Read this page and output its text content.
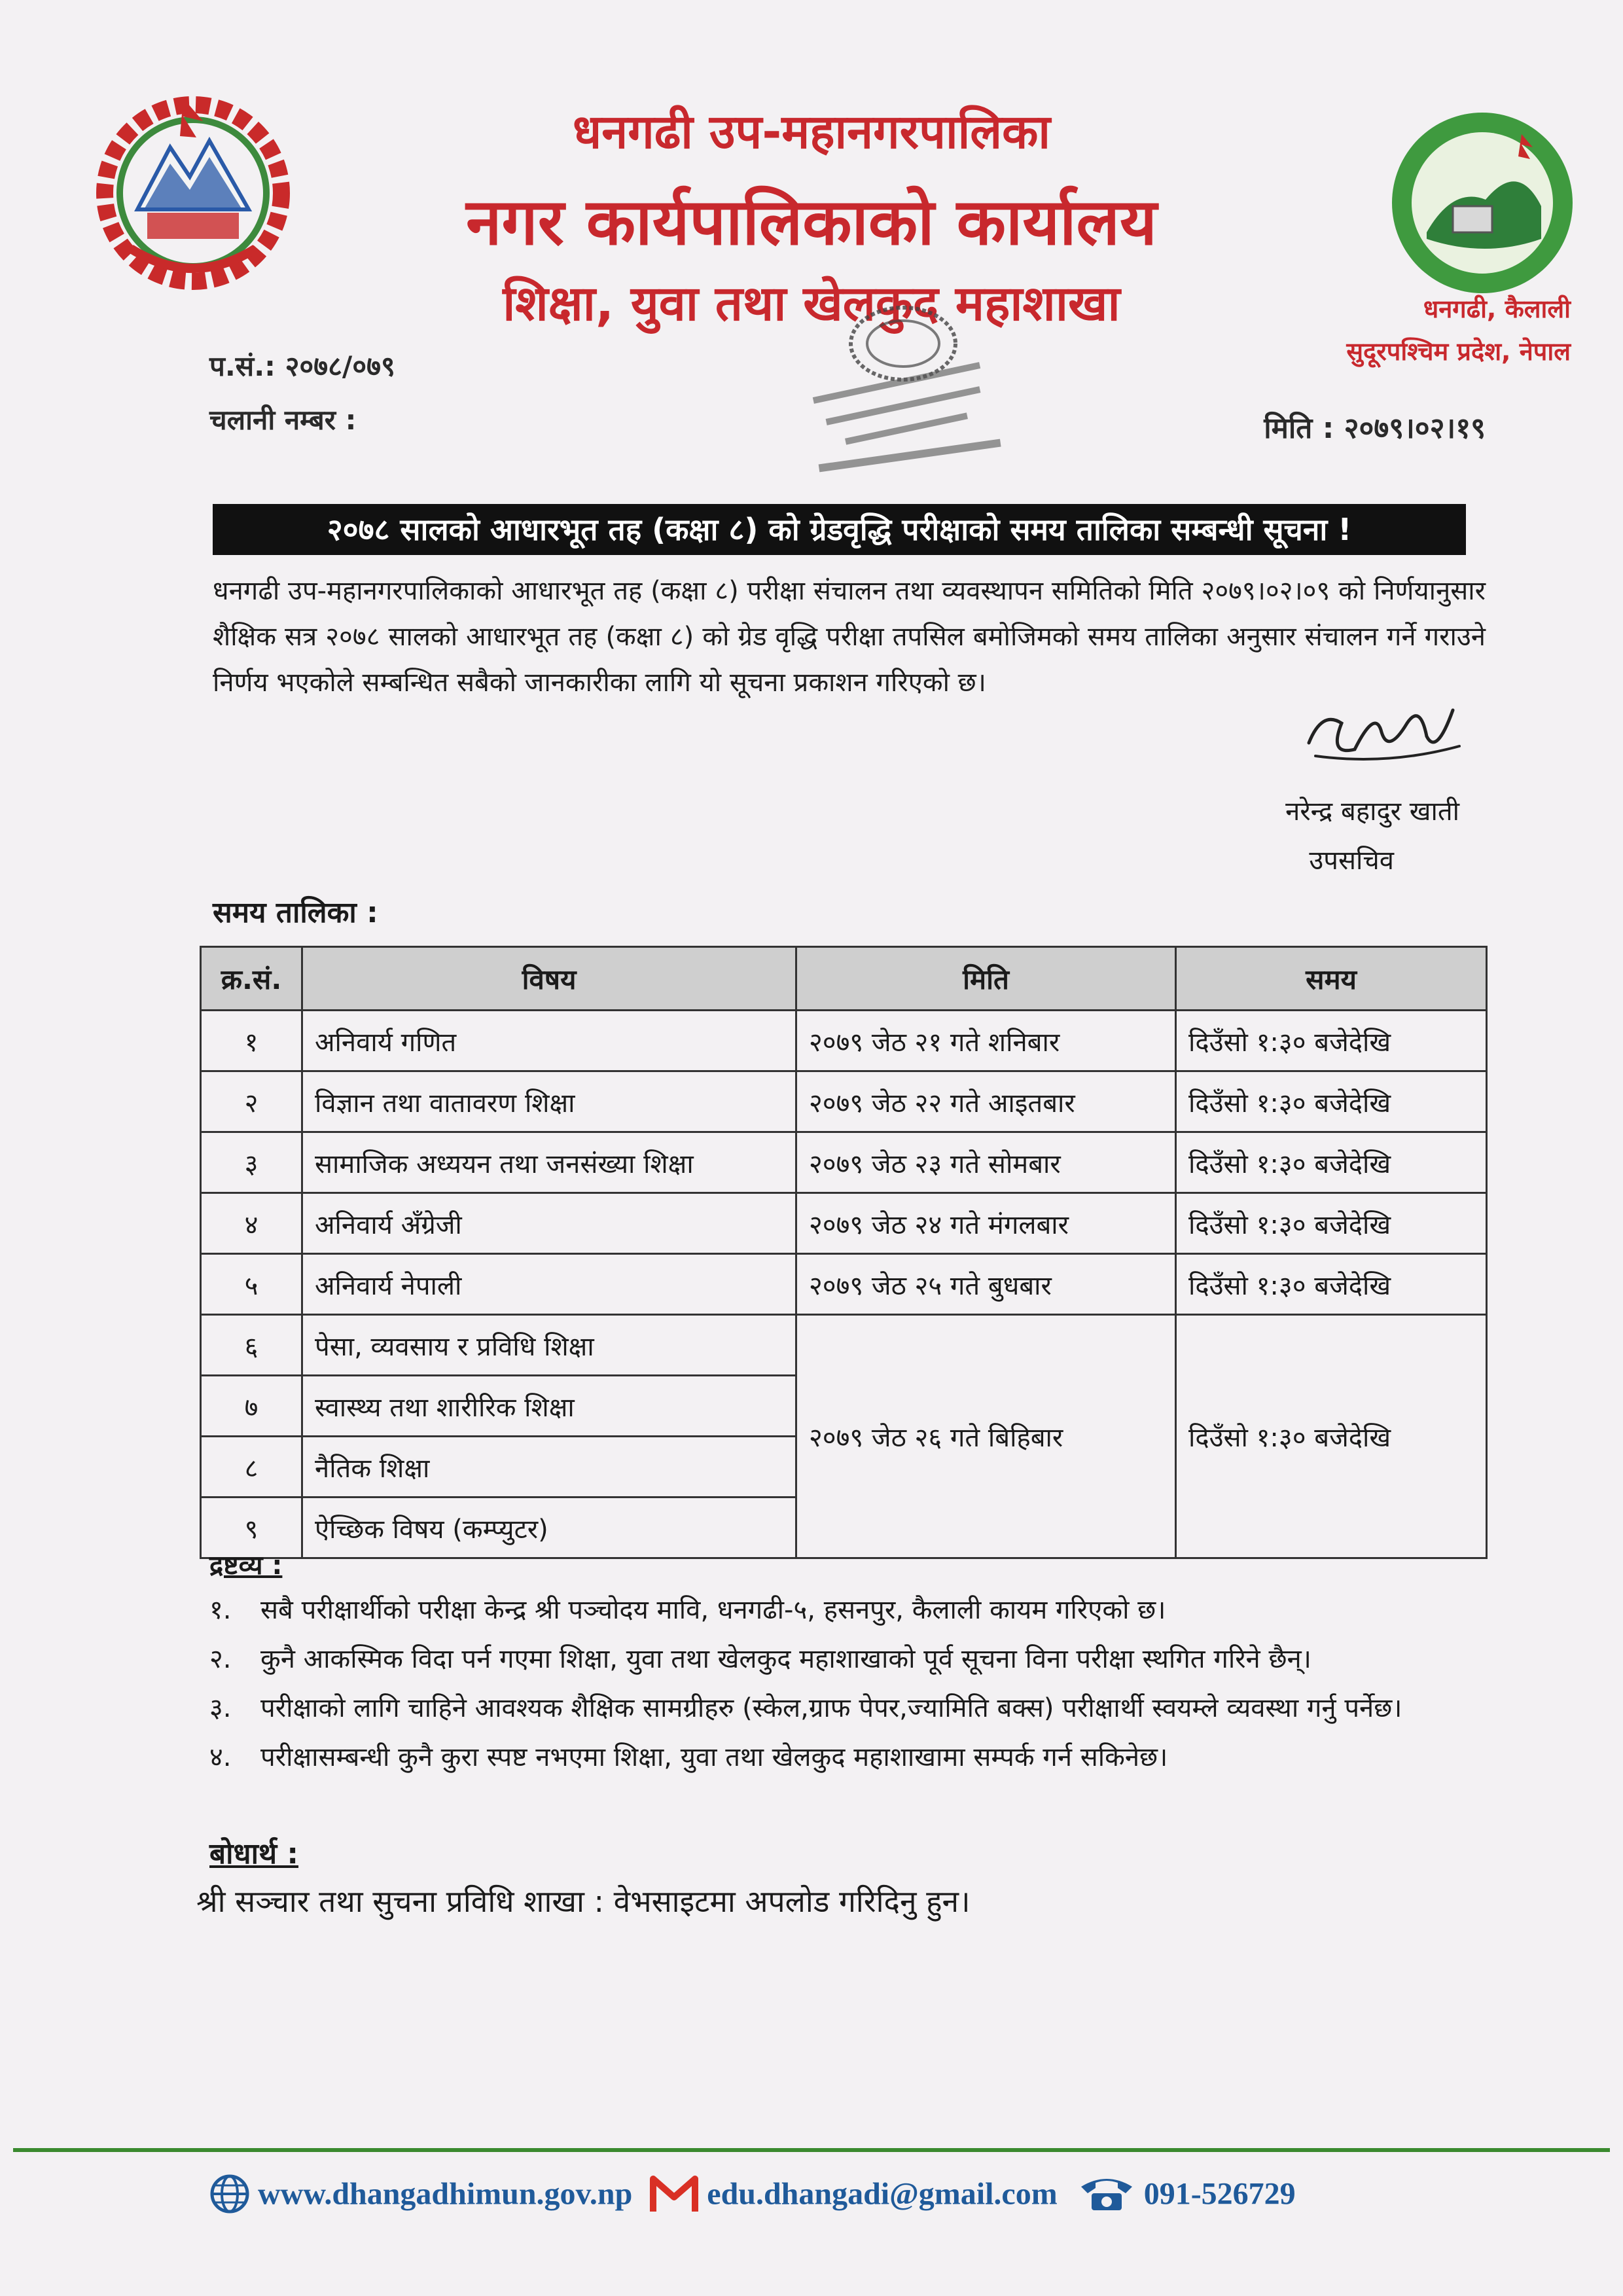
धनगढी उप-महानगरपालिका
नगर कार्यपालिकाको कार्यालय
शिक्षा, युवा तथा खेलकुद महाशाखा	धनगढी, कैलाली
सुदूरपश्चिम प्रदेश, नेपाल
प.सं.: २०७८/०७९
चलानी नम्बर :	मिति : २०७९।०२।१९
२०७८ सालको आधारभूत तह (कक्षा ८) को ग्रेडवृद्धि परीक्षाको समय तालिका सम्बन्धी सूचना !
धनगढी उप-महानगरपालिकाको आधारभूत तह (कक्षा ८) परीक्षा संचालन तथा व्यवस्थापन समितिको मिति २०७९।०२।०९ को निर्णयानुसार शैक्षिक सत्र २०७८ सालको आधारभूत तह (कक्षा ८) को ग्रेड वृद्धि परीक्षा तपसिल बमोजिमको समय तालिका अनुसार संचालन गर्ने गराउने निर्णय भएकोले सम्बन्धित सबैको जानकारीका लागि यो सूचना प्रकाशन गरिएको छ।
नरेन्द्र बहादुर खाती
उपसचिव
समय तालिका :
क्र.सं.	विषय	मिति	समय
१	अनिवार्य गणित	२०७९ जेठ २१ गते शनिबार	दिउँसो १:३० बजेदेखि
२	विज्ञान तथा वातावरण शिक्षा	२०७९ जेठ २२ गते आइतबार	दिउँसो १:३० बजेदेखि
३	सामाजिक अध्ययन तथा जनसंख्या शिक्षा	२०७९ जेठ २३ गते सोमबार	दिउँसो १:३० बजेदेखि
४	अनिवार्य अँग्रेजी	२०७९ जेठ २४ गते मंगलबार	दिउँसो १:३० बजेदेखि
५	अनिवार्य नेपाली	२०७९ जेठ २५ गते बुधबार	दिउँसो १:३० बजेदेखि
६	पेसा, व्यवसाय र प्रविधि शिक्षा	२०७९ जेठ २६ गते बिहिबार	दिउँसो १:३० बजेदेखि
७	स्वास्थ्य तथा शारीरिक शिक्षा		
८	नैतिक शिक्षा		
९	ऐच्छिक विषय (कम्प्युटर)		
द्रष्टव्य :
१. सबै परीक्षार्थीको परीक्षा केन्द्र श्री पञ्चोदय मावि, धनगढी-५, हसनपुर, कैलाली कायम गरिएको छ।
२. कुनै आकस्मिक विदा पर्न गएमा शिक्षा, युवा तथा खेलकुद महाशाखाको पूर्व सूचना विना परीक्षा स्थगित गरिने छैन्।
३. परीक्षाको लागि चाहिने आवश्यक शैक्षिक सामग्रीहरु (स्केल,ग्राफ पेपर,ज्यामिति बक्स) परीक्षार्थी स्वयम्ले व्यवस्था गर्नु पर्नेछ।
४. परीक्षासम्बन्धी कुनै कुरा स्पष्ट नभएमा शिक्षा, युवा तथा खेलकुद महाशाखामा सम्पर्क गर्न सकिनेछ।
बोधार्थ :
श्री सञ्चार तथा सुचना प्रविधि शाखा : वेभसाइटमा अपलोड गरिदिनु हुन।
www.dhangadhimun.gov.np edu.dhangadi@gmail.com	091-526729
